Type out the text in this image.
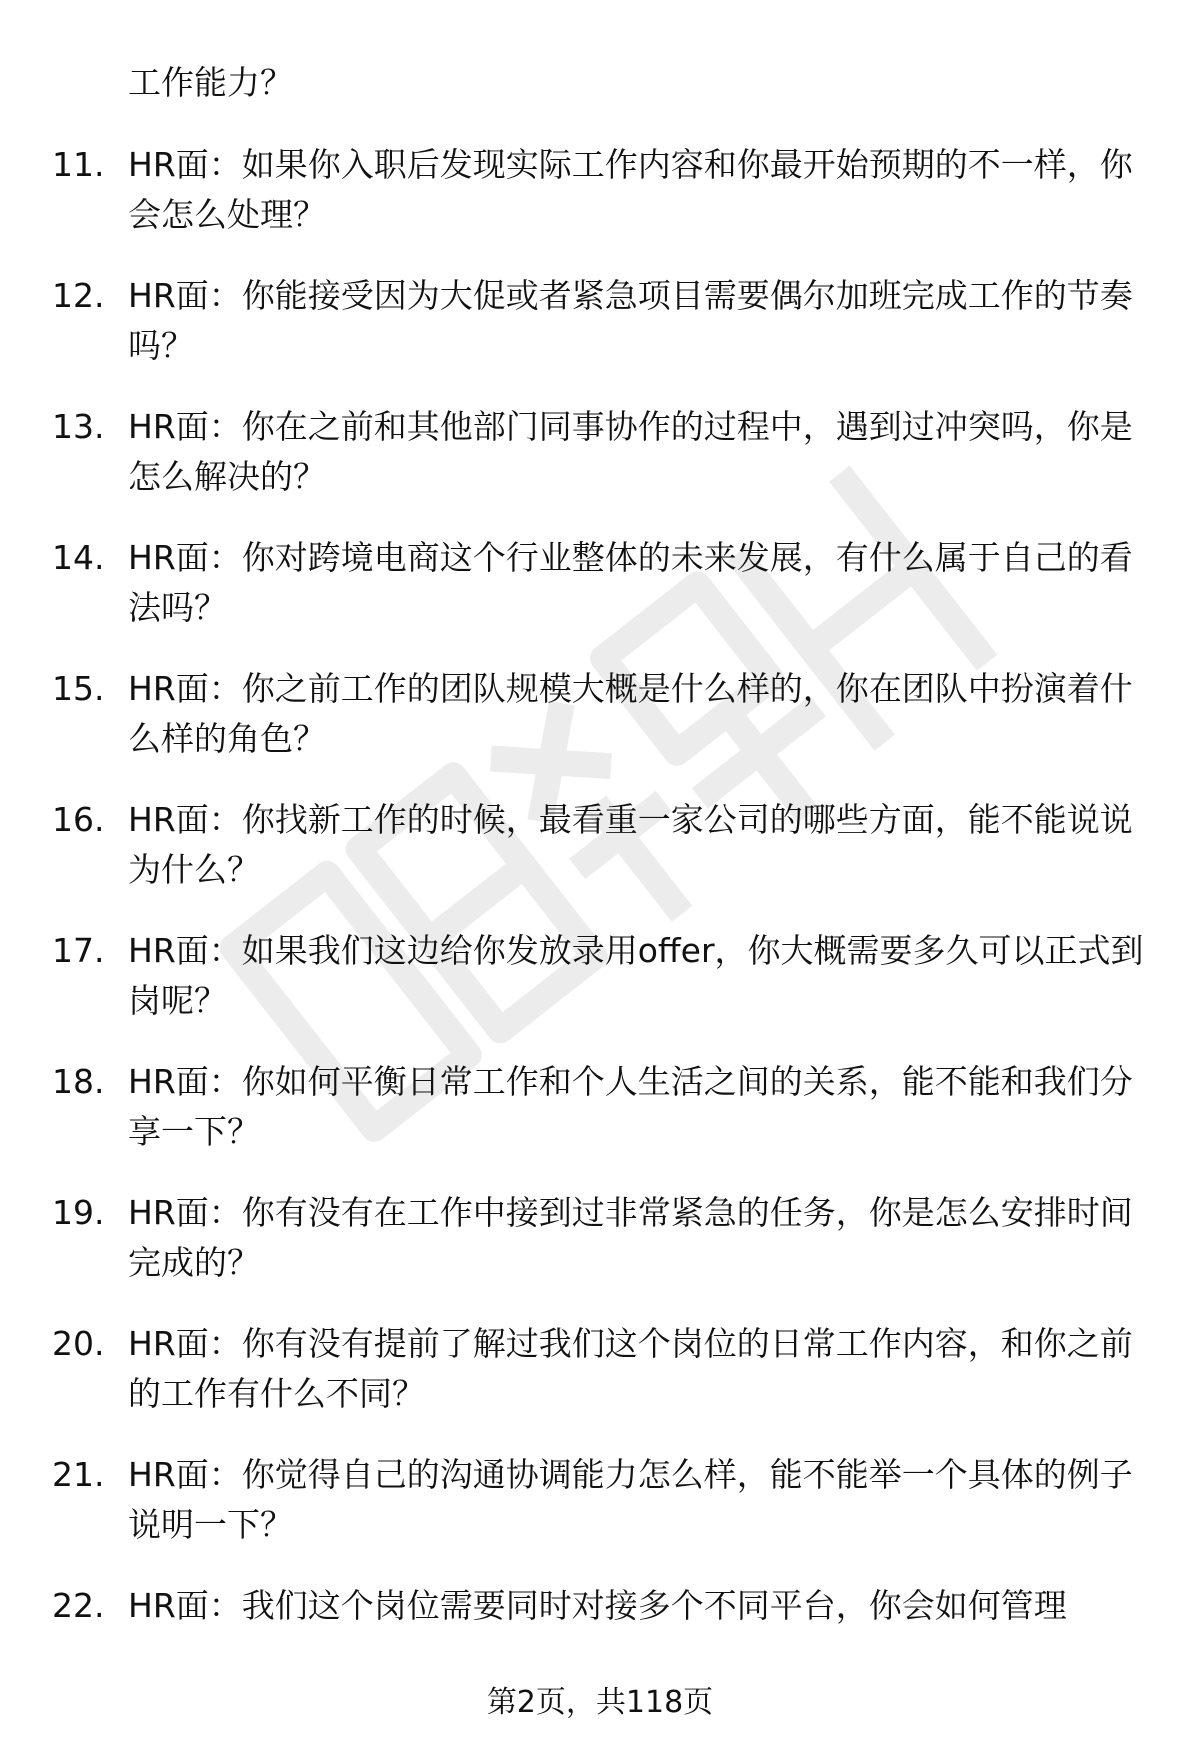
工作能力？
11. HR面：如果你入职后发现实际工作内容和你最开始预期的不一样，你会怎么处理？
12. HR面：你能接受因为大促或者紧急项目需要偶尔加班完成工作的节奏吗？
13. HR面：你在之前和其他部门同事协作的过程中，遇到过冲突吗，你是怎么解决的？
14. HR面：你对跨境电商这个行业整体的未来发展，有什么属于自己的看法吗？
15. HR面：你之前工作的团队规模大概是什么样的，你在团队中扮演着什么样的角色？
16. HR面：你找新工作的时候，最看重一家公司的哪些方面，能不能说说为什么？
17. HR面：如果我们这边给你发放录用offer，你大概需要多久可以正式到岗呢？
18. HR面：你如何平衡日常工作和个人生活之间的关系，能不能和我们分享一下？
19. HR面：你有没有在工作中接到过非常紧急的任务，你是怎么安排时间完成的？
20. HR面：你有没有提前了解过我们这个岗位的日常工作内容，和你之前的工作有什么不同？
21. HR面：你觉得自己的沟通协调能力怎么样，能不能举一个具体的例子说明一下？
22. HR面：我们这个岗位需要同时对接多个不同平台，你会如何管理
第2页，共118页
